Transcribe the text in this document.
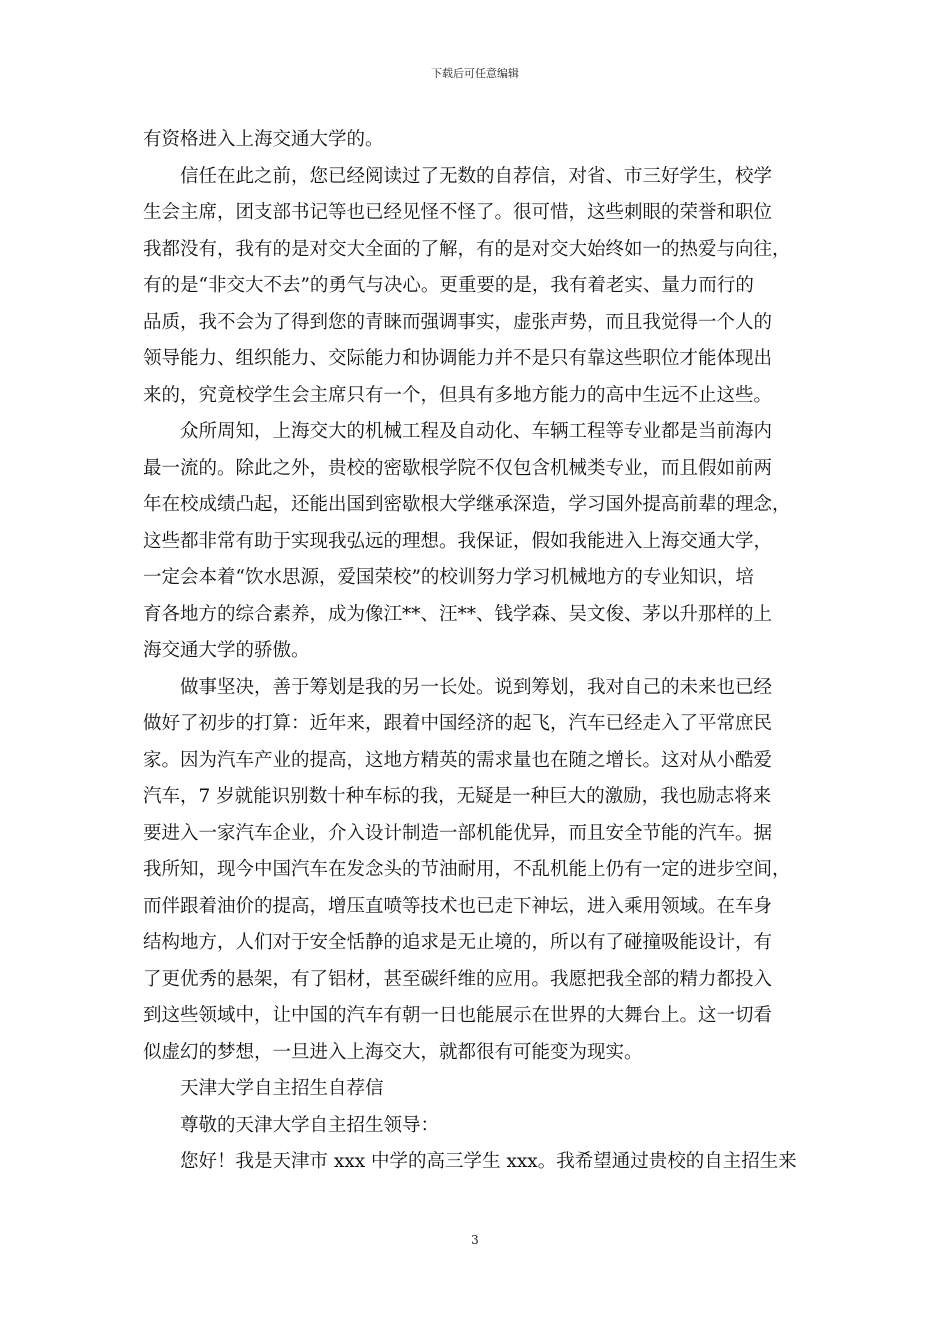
下载后可任意编辑
有资格进入上海交通大学的。
信任在此之前，您已经阅读过了无数的自荐信，对省、市三好学生，校学
生会主席，团支部书记等也已经见怪不怪了。很可惜，这些刺眼的荣誉和职位
我都没有，我有的是对交大全面的了解，有的是对交大始终如一的热爱与向往，
有的是“非交大不去”的勇气与决心。更重要的是，我有着老实、量力而行的
品质，我不会为了得到您的青睐而强调事实，虚张声势，而且我觉得一个人的
领导能力、组织能力、交际能力和协调能力并不是只有靠这些职位才能体现出
来的，究竟校学生会主席只有一个，但具有多地方能力的高中生远不止这些。
众所周知，上海交大的机械工程及自动化、车辆工程等专业都是当前海内
最一流的。除此之外，贵校的密歇根学院不仅包含机械类专业，而且假如前两
年在校成绩凸起，还能出国到密歇根大学继承深造，学习国外提高前辈的理念，
这些都非常有助于实现我弘远的理想。我保证，假如我能进入上海交通大学，
一定会本着“饮水思源，爱国荣校”的校训努力学习机械地方的专业知识，培
育各地方的综合素养，成为像江**、汪**、钱学森、吴文俊、茅以升那样的上
海交通大学的骄傲。
做事坚决，善于筹划是我的另一长处。说到筹划，我对自己的未来也已经
做好了初步的打算：近年来，跟着中国经济的起飞，汽车已经走入了平常庶民
家。因为汽车产业的提高，这地方精英的需求量也在随之增长。这对从小酷爱
汽车，7 岁就能识别数十种车标的我，无疑是一种巨大的激励，我也励志将来
要进入一家汽车企业，介入设计制造一部机能优异，而且安全节能的汽车。据
我所知，现今中国汽车在发念头的节油耐用，不乱机能上仍有一定的进步空间，
而伴跟着油价的提高，增压直喷等技术也已走下神坛，进入乘用领域。在车身
结构地方，人们对于安全恬静的追求是无止境的，所以有了碰撞吸能设计，有
了更优秀的悬架，有了铝材，甚至碳纤维的应用。我愿把我全部的精力都投入
到这些领域中，让中国的汽车有朝一日也能展示在世界的大舞台上。这一切看
似虚幻的梦想，一旦进入上海交大，就都很有可能变为现实。
天津大学自主招生自荐信
尊敬的天津大学自主招生领导：
您好！我是天津市 xxx 中学的高三学生 xxx。我希望通过贵校的自主招生来
3
